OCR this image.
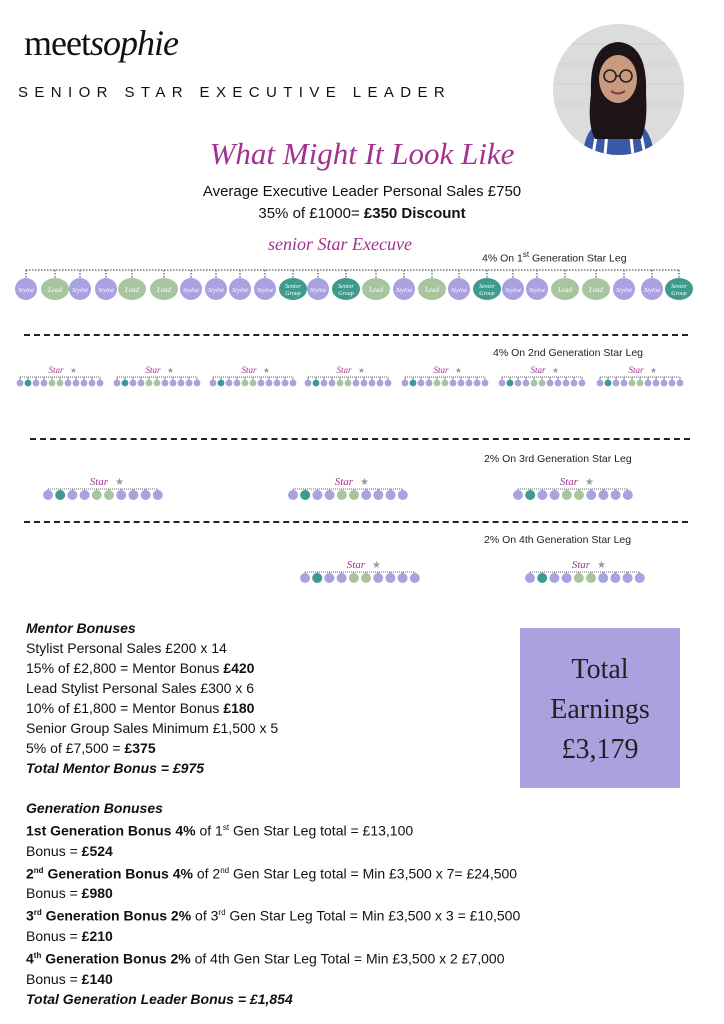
meetsophie
SENIOR STAR EXECUTIVE LEADER
What Might It Look Like
Average Executive Leader Personal Sales £750
35% of £1000= £350 Discount
senior Star Execuve
4% On 1st Generation Star Leg
4% On 2nd Generation Star Leg
2% On 3rd Generation Star Leg
2% On 4th Generation Star Leg
Stylist Lead Stylist Stylist Lead	Lead Stylist Stylist Stylist Stylist Senior
Group Stylist Senior
Group Lead Stylist Lead Stylist Senior
Group Stylist Stylist Lead Lead Stylist Stylist Senior
Group
Star ★	Star ★	Star ★	Star ★	Star ★	Star ★	Star ★
Star ★	Star ★	Star ★
Star ★	Star ★
Mentor Bonuses
Stylist Personal Sales £200 x 14
15% of £2,800 = Mentor Bonus £420
Lead Stylist Personal Sales £300 x 6
10% of £1,800 = Mentor Bonus £180
Senior Group Sales Minimum £1,500 x 5
5% of £7,500 = £375
Total Mentor Bonus = £975
Total
Earnings
£3,179
Generation Bonuses
1st Generation Bonus 4% of 1st Gen Star Leg total = £13,100
Bonus = £524
2nd Generation Bonus 4% of 2nd Gen Star Leg total = Min £3,500 x 7= £24,500
Bonus = £980
3rd Generation Bonus 2% of 3rd Gen Star Leg Total = Min £3,500 x 3 = £10,500
Bonus = £210
4th Generation Bonus 2% of 4th Gen Star Leg Total = Min £3,500 x 2 £7,000
Bonus = £140
Total Generation Leader Bonus = £1,854
